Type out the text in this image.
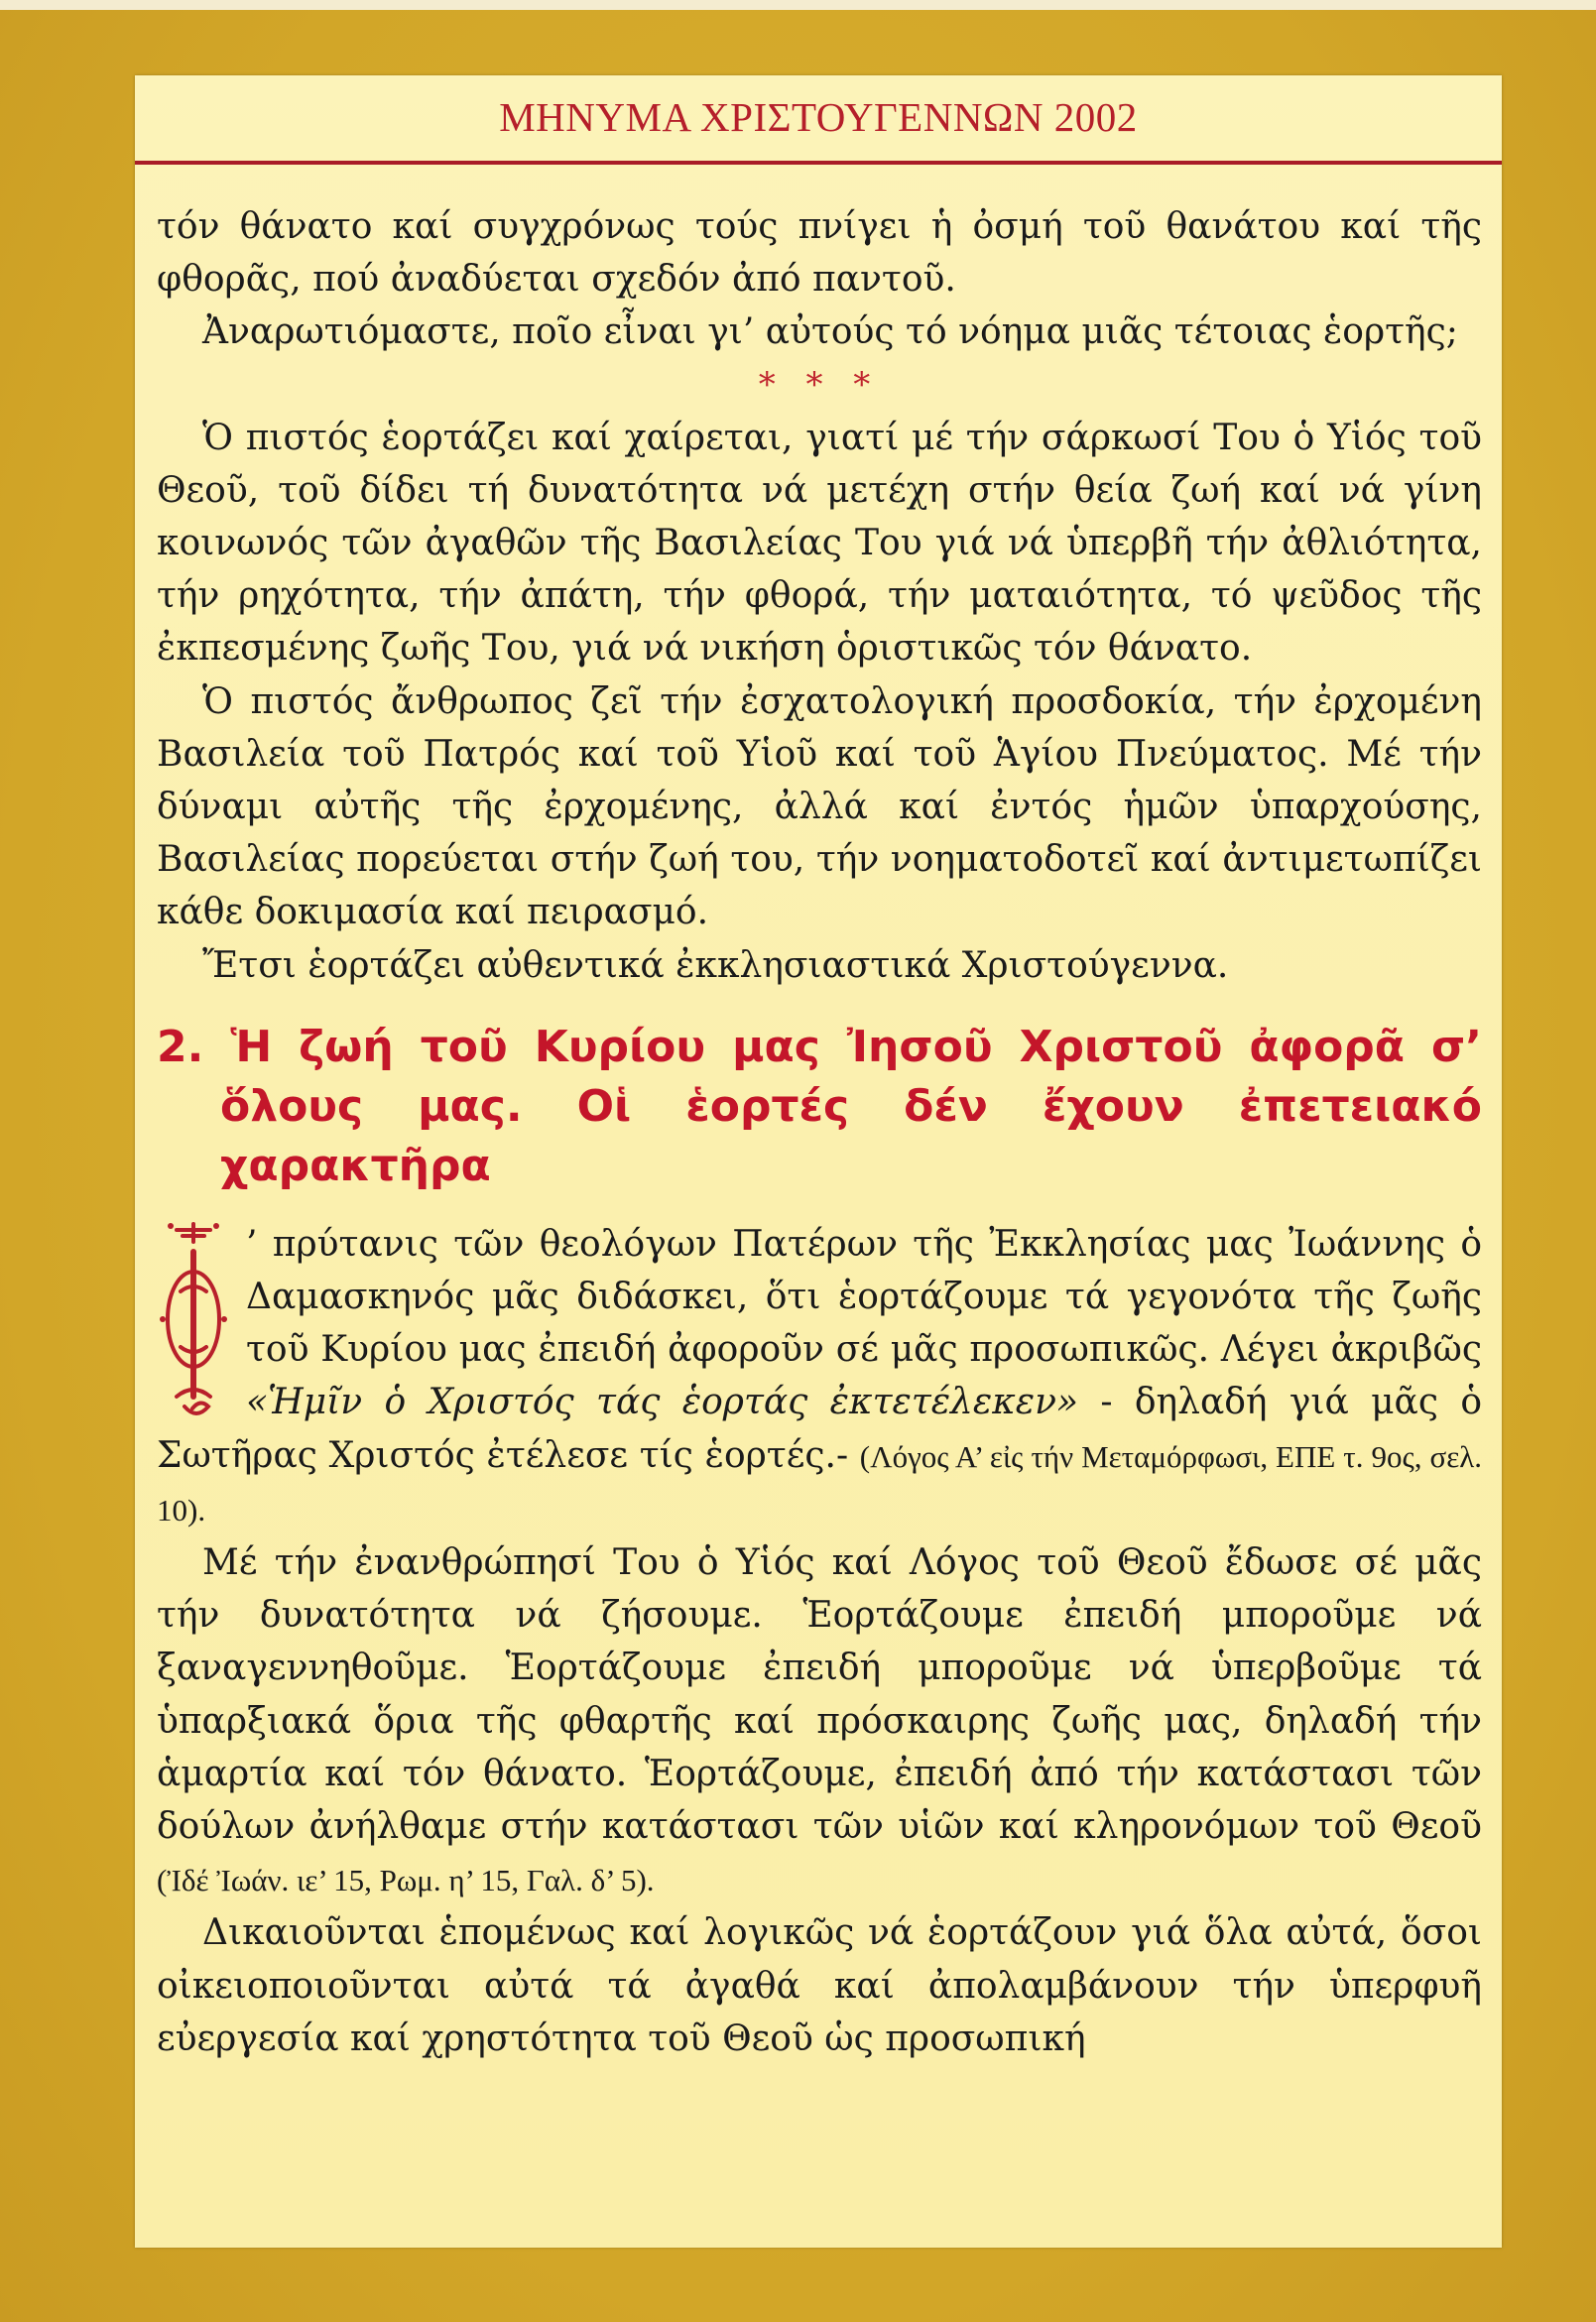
ΜΗΝΥΜΑ ΧΡΙΣΤΟΥΓΕΝΝΩΝ 2002

τόν θάνατο καί συγχρόνως τούς πνίγει ἡ ὀσμή τοῦ θανάτου καί τῆς φθορᾶς, πού ἀναδύεται σχεδόν ἀπό παντοῦ.

Ἀναρωτιόμαστε, ποῖο εἶναι γι’ αὐτούς τό νόημα μιᾶς τέτοιας ἑορτῆς;

* * *

Ὁ πιστός ἑορτάζει καί χαίρεται, γιατί μέ τήν σάρκωσί Του ὁ Υἱός τοῦ Θεοῦ, τοῦ δίδει τή δυνατότητα νά μετέχη στήν θεία ζωή καί νά γίνη κοινωνός τῶν ἀγαθῶν τῆς Βασιλείας Του γιά νά ὑπερβῆ τήν ἀθλιότητα, τήν ρηχότητα, τήν ἀπάτη, τήν φθορά, τήν ματαιότητα, τό ψεῦδος τῆς ἐκπεσμένης ζωῆς Του, γιά νά νικήση ὁριστικῶς τόν θάνατο.

Ὁ πιστός ἄνθρωπος ζεῖ τήν ἐσχατολογική προσδοκία, τήν ἐρχομένη Βασιλεία τοῦ Πατρός καί τοῦ Υἱοῦ καί τοῦ Ἁγίου Πνεύματος. Μέ τήν δύναμι αὐτῆς τῆς ἐρχομένης, ἀλλά καί ἐντός ἡμῶν ὑπαρχούσης, Βασιλείας πορεύεται στήν ζωή του, τήν νοηματοδοτεῖ καί ἀντιμετωπίζει κάθε δοκιμασία καί πειρασμό.

Ἔτσι ἑορτάζει αὐθεντικά ἐκκλησιαστικά Χριστούγεννα.

2. Ἡ ζωή τοῦ Κυρίου μας Ἰησοῦ Χριστοῦ ἀφορᾶ σ’ ὅλους μας. Οἱ ἑορτές δέν ἔχουν ἐπετειακό χαρακτῆρα

’ πρύτανις τῶν θεολόγων Πατέρων τῆς Ἐκκλησίας μας Ἰωάννης ὁ Δαμασκηνός μᾶς διδάσκει, ὅτι ἑορτάζουμε τά γεγονότα τῆς ζωῆς τοῦ Κυρίου μας ἐπειδή ἀφοροῦν σέ μᾶς προσωπικῶς. Λέγει ἀκριβῶς «Ἡμῖν ὁ Χριστός τάς ἑορτάς ἐκτετέλεκεν» - δηλαδή γιά μᾶς ὁ Σωτῆρας Χριστός ἐτέλεσε τίς ἑορτές.- (Λόγος Α’ εἰς τήν Μεταμόρφωσι, ΕΠΕ τ. 9ος, σελ. 10).

Μέ τήν ἐνανθρώπησί Του ὁ Υἱός καί Λόγος τοῦ Θεοῦ ἔδωσε σέ μᾶς τήν δυνατότητα νά ζήσουμε. Ἑορτάζουμε ἐπειδή μποροῦμε νά ξαναγεννηθοῦμε. Ἑορτάζουμε ἐπειδή μποροῦμε νά ὑπερβοῦμε τά ὑπαρξιακά ὅρια τῆς φθαρτῆς καί πρόσκαιρης ζωῆς μας, δηλαδή τήν ἁμαρτία καί τόν θάνατο. Ἑορτάζουμε, ἐπειδή ἀπό τήν κατάστασι τῶν δούλων ἀνήλθαμε στήν κατάστασι τῶν υἱῶν καί κληρονόμων τοῦ Θεοῦ (Ἰδέ Ἰωάν. ιε’ 15, Ρωμ. η’ 15, Γαλ. δ’ 5).

Δικαιοῦνται ἑπομένως καί λογικῶς νά ἑορτάζουν γιά ὅλα αὐτά, ὅσοι οἰκειοποιοῦνται αὐτά τά ἀγαθά καί ἀπολαμβάνουν τήν ὑπερφυῆ εὐεργεσία καί χρηστότητα τοῦ Θεοῦ ὡς προσωπική
